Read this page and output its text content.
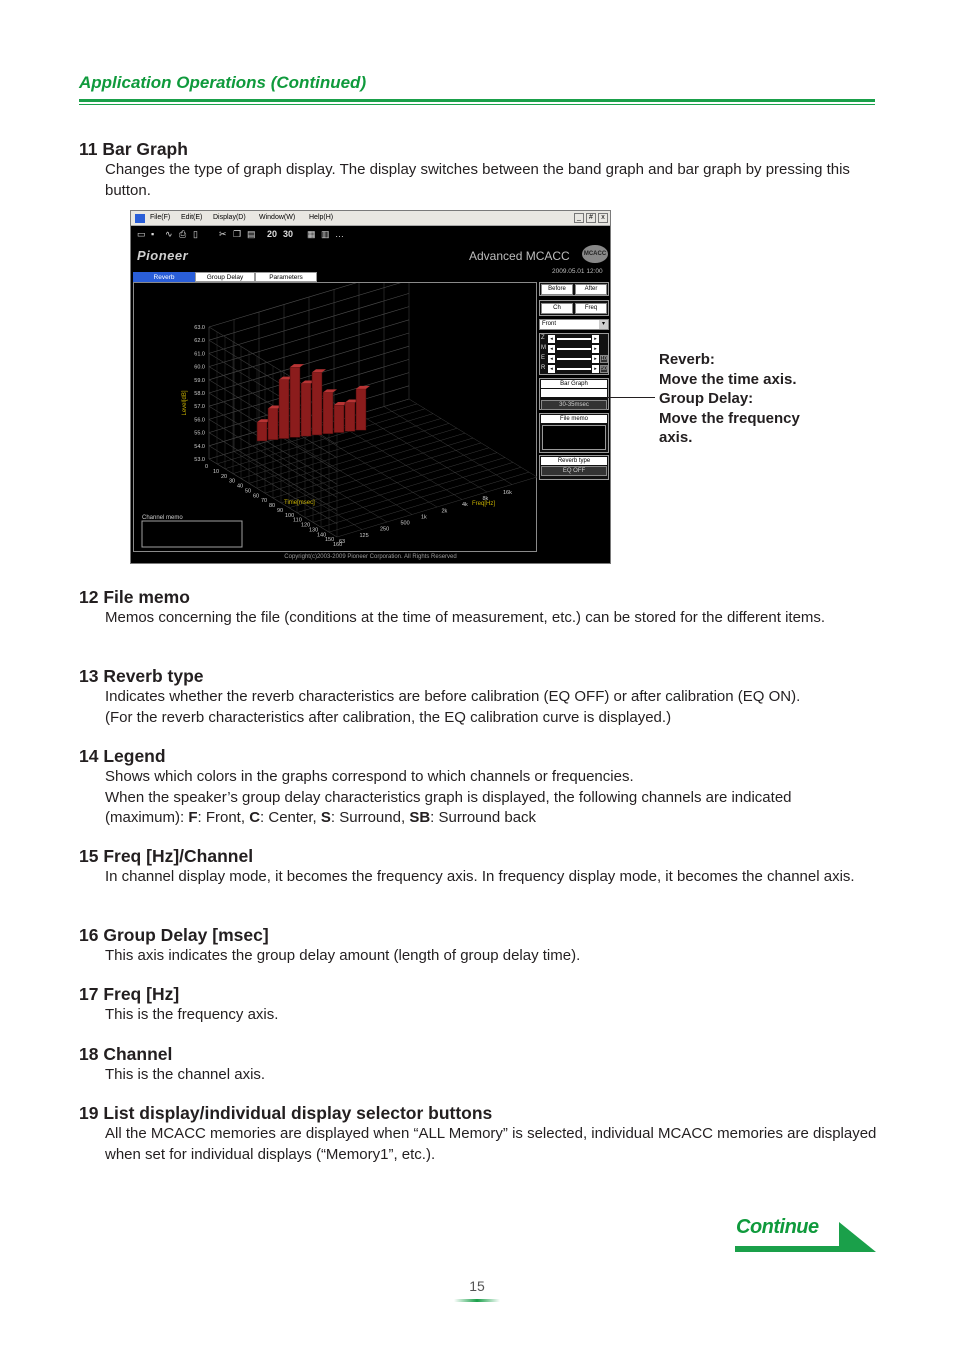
Application Operations (Continued)
11 Bar Graph

Changes the type of graph display. The display switches between the band graph and bar graph by pressing this button.

File(F) Edit(E) Display(D) Window(W) Help(H)	_	#	x
▭ ▪ ∿ ⎙ ▯ ✂ ❐ ▤ 20 30 ▦ ▥ …
Pioneer	Advanced MCACC	MCACC
2009.05.01 12:00
Reverb	Group Delay	Parameters
63.0
62.0
61.0
60.0
59.0
58.0
57.0
56.0
55.0
54.0
53.0
0
10
20
30
40
50
60
70
80
90
100
110
120
130
140
150
160
63
125
250
500
1k
2k
4k
8k
16k
Level[dB]
Time[msec]	Freq[Hz]
Channel memo
Before	After
Ch	Freq
Front	▾
Z	◂	▸
M ◂	▸
E	◂	▸ 10
R ◂	▸ 50
Bar Graph
30-35msec
File memo
Reverb type
EQ OFF
Copyright(c)2003-2009 Pioneer Corporation. All Rights Reserved
Reverb:
Move the time axis.
Group Delay:
Move the frequency
axis.
12 File memo

Memos concerning the file (conditions at the time of measurement, etc.) can be stored for the different items.

13 Reverb type

Indicates whether the reverb characteristics are before calibration (EQ OFF) or after calibration (EQ ON).

(For the reverb characteristics after calibration, the EQ calibration curve is displayed.)

14 Legend

Shows which colors in the graphs correspond to which channels or frequencies.

When the speaker’s group delay characteristics graph is displayed, the following channels are indicated

(maximum): F: Front, C: Center, S: Surround, SB: Surround back

15 Freq [Hz]/Channel

In channel display mode, it becomes the frequency axis. In frequency display mode, it becomes the channel axis.

16 Group Delay [msec]

This axis indicates the group delay amount (length of group delay time).

17 Freq [Hz]

This is the frequency axis.

18 Channel

This is the channel axis.

19 List display/individual display selector buttons

All the MCACC memories are displayed when “ALL Memory” is selected, individual MCACC memories are displayed when set for individual displays (“Memory1”, etc.).

Continue
15
